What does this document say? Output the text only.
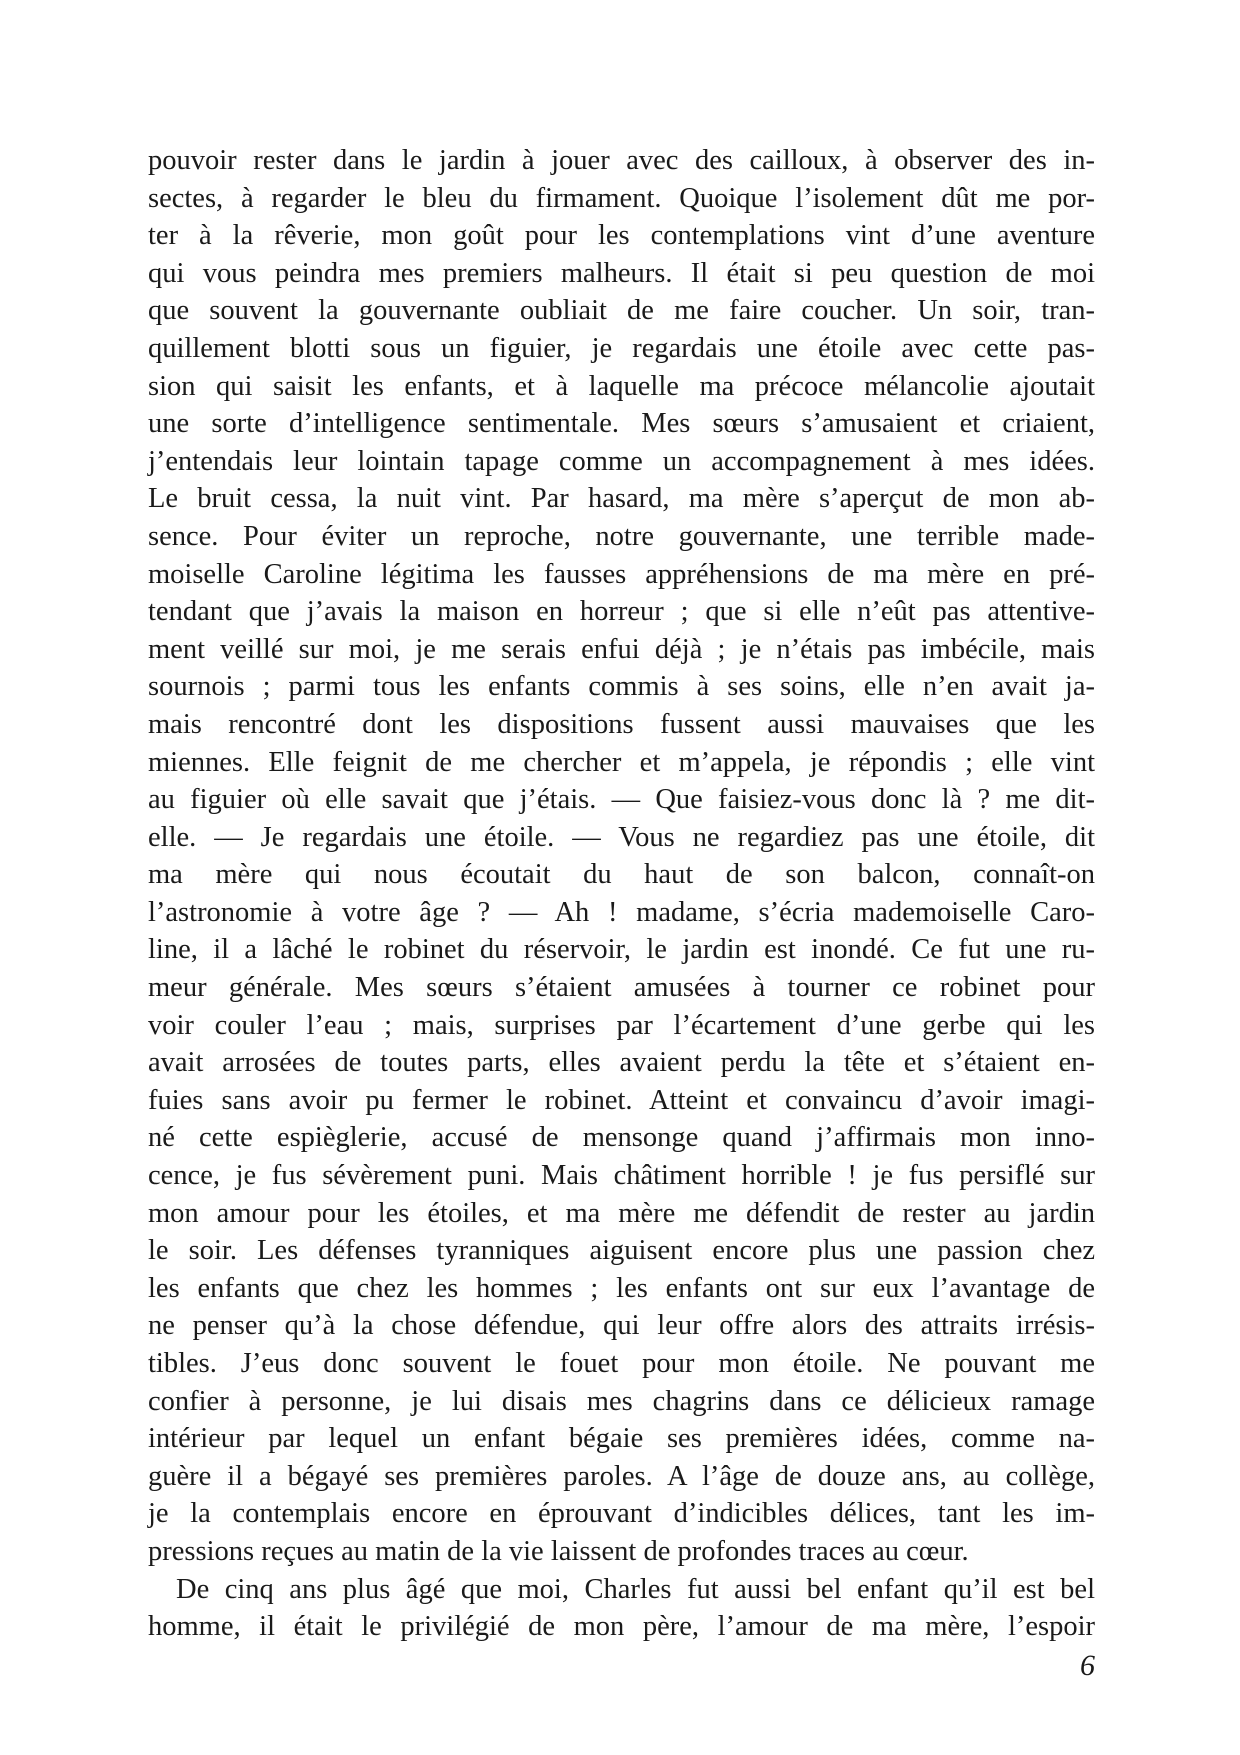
pouvoir rester dans le jardin à jouer avec des cailloux, à observer des in-
sectes, à regarder le bleu du firmament. Quoique l’isolement dût me por-
ter à la rêverie, mon goût pour les contemplations vint d’une aventure
qui vous peindra mes premiers malheurs. Il était si peu question de moi
que souvent la gouvernante oubliait de me faire coucher. Un soir, tran-
quillement blotti sous un figuier, je regardais une étoile avec cette pas-
sion qui saisit les enfants, et à laquelle ma précoce mélancolie ajoutait
une sorte d’intelligence sentimentale. Mes sœurs s’amusaient et criaient,
j’entendais leur lointain tapage comme un accompagnement à mes idées.
Le bruit cessa, la nuit vint. Par hasard, ma mère s’aperçut de mon ab-
sence. Pour éviter un reproche, notre gouvernante, une terrible made-
moiselle Caroline légitima les fausses appréhensions de ma mère en pré-
tendant que j’avais la maison en horreur ; que si elle n’eût pas attentive-
ment veillé sur moi, je me serais enfui déjà ; je n’étais pas imbécile, mais
sournois ; parmi tous les enfants commis à ses soins, elle n’en avait ja-
mais rencontré dont les dispositions fussent aussi mauvaises que les
miennes. Elle feignit de me chercher et m’appela, je répondis ; elle vint
au figuier où elle savait que j’étais. — Que faisiez-vous donc là ? me dit-
elle. — Je regardais une étoile. — Vous ne regardiez pas une étoile, dit
ma mère qui nous écoutait du haut de son balcon, connaît-on
l’astronomie à votre âge ? — Ah ! madame, s’écria mademoiselle Caro-
line, il a lâché le robinet du réservoir, le jardin est inondé. Ce fut une ru-
meur générale. Mes sœurs s’étaient amusées à tourner ce robinet pour
voir couler l’eau ; mais, surprises par l’écartement d’une gerbe qui les
avait arrosées de toutes parts, elles avaient perdu la tête et s’étaient en-
fuies sans avoir pu fermer le robinet. Atteint et convaincu d’avoir imagi-
né cette espièglerie, accusé de mensonge quand j’affirmais mon inno-
cence, je fus sévèrement puni. Mais châtiment horrible ! je fus persiflé sur
mon amour pour les étoiles, et ma mère me défendit de rester au jardin
le soir. Les défenses tyranniques aiguisent encore plus une passion chez
les enfants que chez les hommes ; les enfants ont sur eux l’avantage de
ne penser qu’à la chose défendue, qui leur offre alors des attraits irrésis-
tibles. J’eus donc souvent le fouet pour mon étoile. Ne pouvant me
confier à personne, je lui disais mes chagrins dans ce délicieux ramage
intérieur par lequel un enfant bégaie ses premières idées, comme na-
guère il a bégayé ses premières paroles. A l’âge de douze ans, au collège,
je la contemplais encore en éprouvant d’indicibles délices, tant les im-
pressions reçues au matin de la vie laissent de profondes traces au cœur.
De cinq ans plus âgé que moi, Charles fut aussi bel enfant qu’il est bel
homme, il était le privilégié de mon père, l’amour de ma mère, l’espoir
6
